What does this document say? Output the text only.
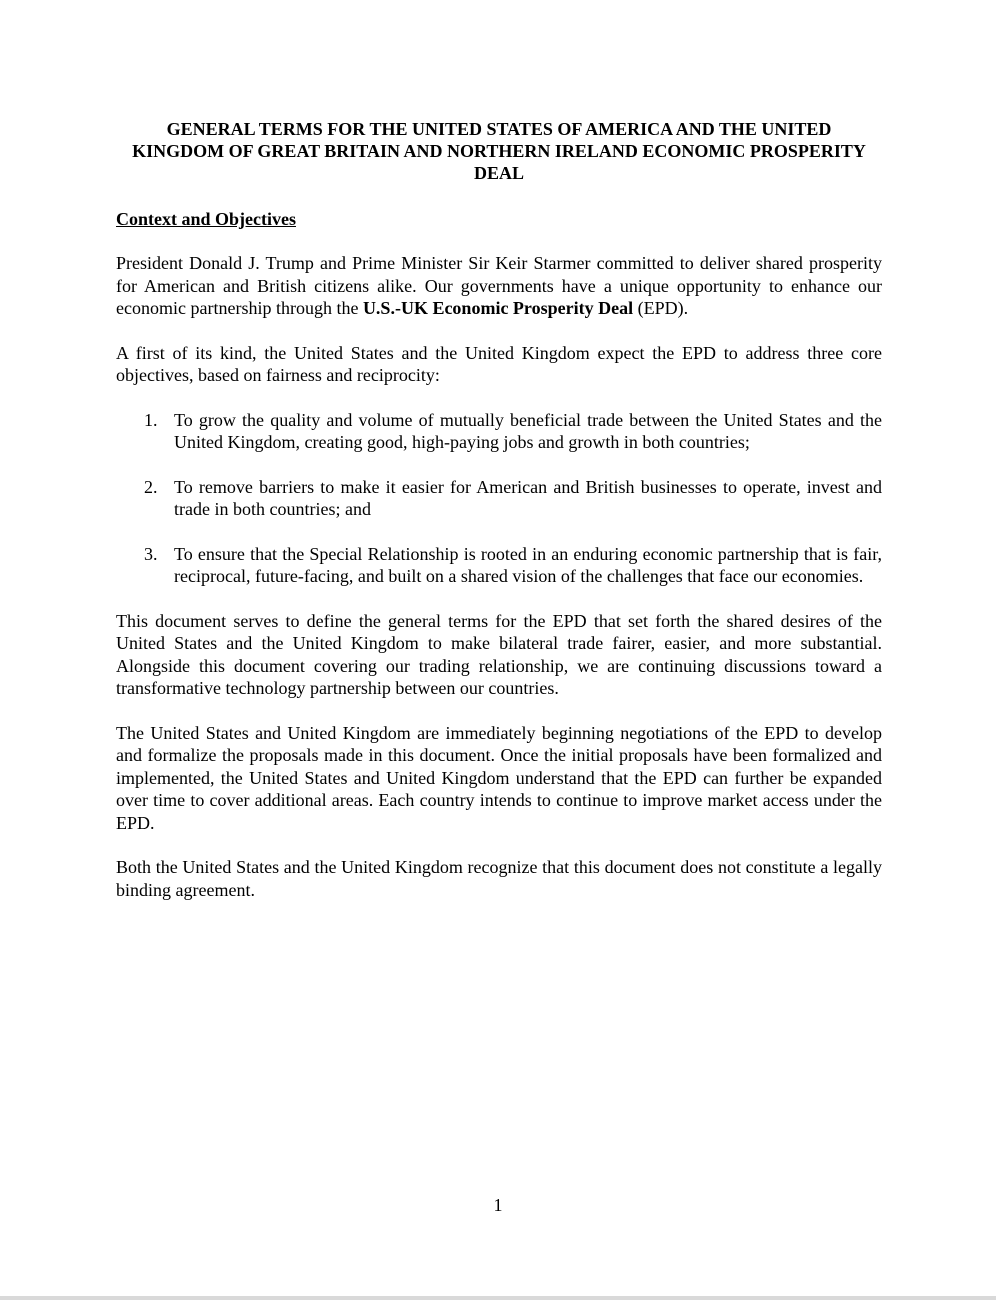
GENERAL TERMS FOR THE UNITED STATES OF AMERICA AND THE UNITED KINGDOM OF GREAT BRITAIN AND NORTHERN IRELAND ECONOMIC PROSPERITY DEAL
Context and Objectives

President Donald J. Trump and Prime Minister Sir Keir Starmer committed to deliver shared prosperity for American and British citizens alike. Our governments have a unique opportunity to enhance our economic partnership through the U.S.-UK Economic Prosperity Deal (EPD).

A first of its kind, the United States and the United Kingdom expect the EPD to address three core objectives, based on fairness and reciprocity:

1. To grow the quality and volume of mutually beneficial trade between the United States and the United Kingdom, creating good, high-paying jobs and growth in both countries;
2. To remove barriers to make it easier for American and British businesses to operate, invest and trade in both countries; and
3. To ensure that the Special Relationship is rooted in an enduring economic partnership that is fair, reciprocal, future-facing, and built on a shared vision of the challenges that face our economies.

This document serves to define the general terms for the EPD that set forth the shared desires of the United States and the United Kingdom to make bilateral trade fairer, easier, and more substantial. Alongside this document covering our trading relationship, we are continuing discussions toward a transformative technology partnership between our countries.

The United States and United Kingdom are immediately beginning negotiations of the EPD to develop and formalize the proposals made in this document. Once the initial proposals have been formalized and implemented, the United States and United Kingdom understand that the EPD can further be expanded over time to cover additional areas. Each country intends to continue to improve market access under the EPD.

Both the United States and the United Kingdom recognize that this document does not constitute a legally binding agreement.

1
